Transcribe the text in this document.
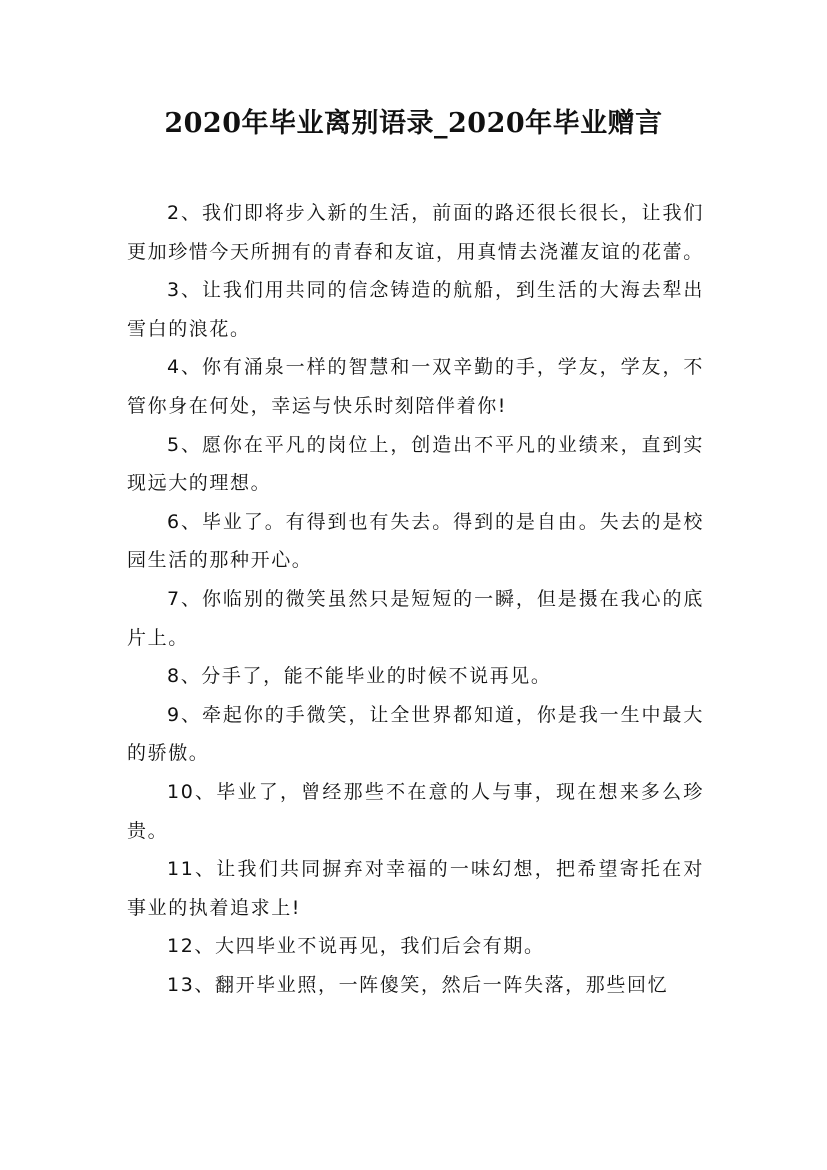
2020年毕业离别语录_2020年毕业赠言

2、我们即将步入新的生活，前面的路还很长很长，让我们更加珍惜今天所拥有的青春和友谊，用真情去浇灌友谊的花蕾。

3、让我们用共同的信念铸造的航船，到生活的大海去犁出雪白的浪花。

4、你有涌泉一样的智慧和一双辛勤的手，学友，学友，不管你身在何处，幸运与快乐时刻陪伴着你!

5、愿你在平凡的岗位上，创造出不平凡的业绩来，直到实现远大的理想。

6、毕业了。有得到也有失去。得到的是自由。失去的是校园生活的那种开心。

7、你临别的微笑虽然只是短短的一瞬，但是摄在我心的底片上。

8、分手了，能不能毕业的时候不说再见。

9、牵起你的手微笑，让全世界都知道，你是我一生中最大的骄傲。

10、毕业了，曾经那些不在意的人与事，现在想来多么珍贵。

11、让我们共同摒弃对幸福的一味幻想，把希望寄托在对事业的执着追求上!

12、大四毕业不说再见，我们后会有期。

13、翻开毕业照，一阵傻笑，然后一阵失落，那些回忆
